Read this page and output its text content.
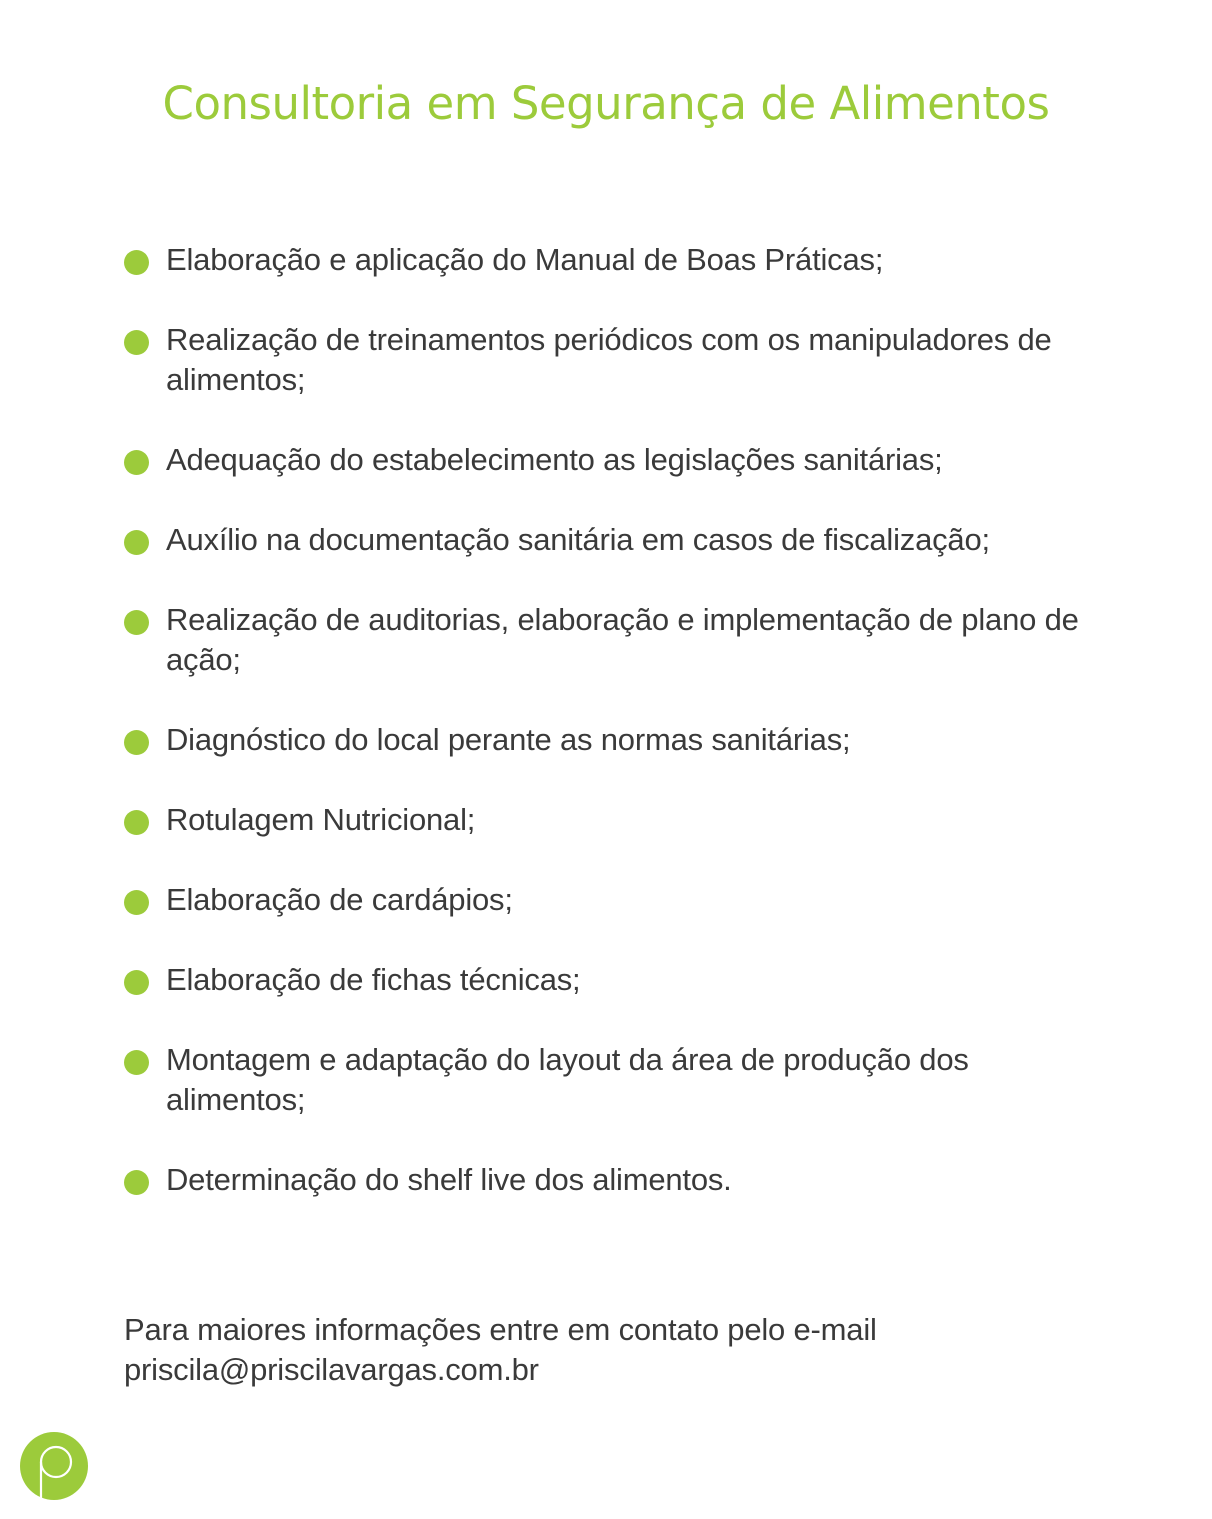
Consultoria em Segurança de Alimentos
Elaboração e aplicação do Manual de Boas Práticas;
Realização de treinamentos periódicos com os manipuladores de alimentos;
Adequação do estabelecimento as legislações sanitárias;
Auxílio na documentação sanitária em casos de fiscalização;
Realização de auditorias, elaboração e implementação de plano de ação;
Diagnóstico do local perante as normas sanitárias;
Rotulagem Nutricional;
Elaboração de cardápios;
Elaboração de fichas técnicas;
Montagem e adaptação do layout da área de produção dos alimentos;
Determinação do shelf live dos alimentos.
Para maiores informações entre em contato pelo e-mail
priscila@priscilavargas.com.br
